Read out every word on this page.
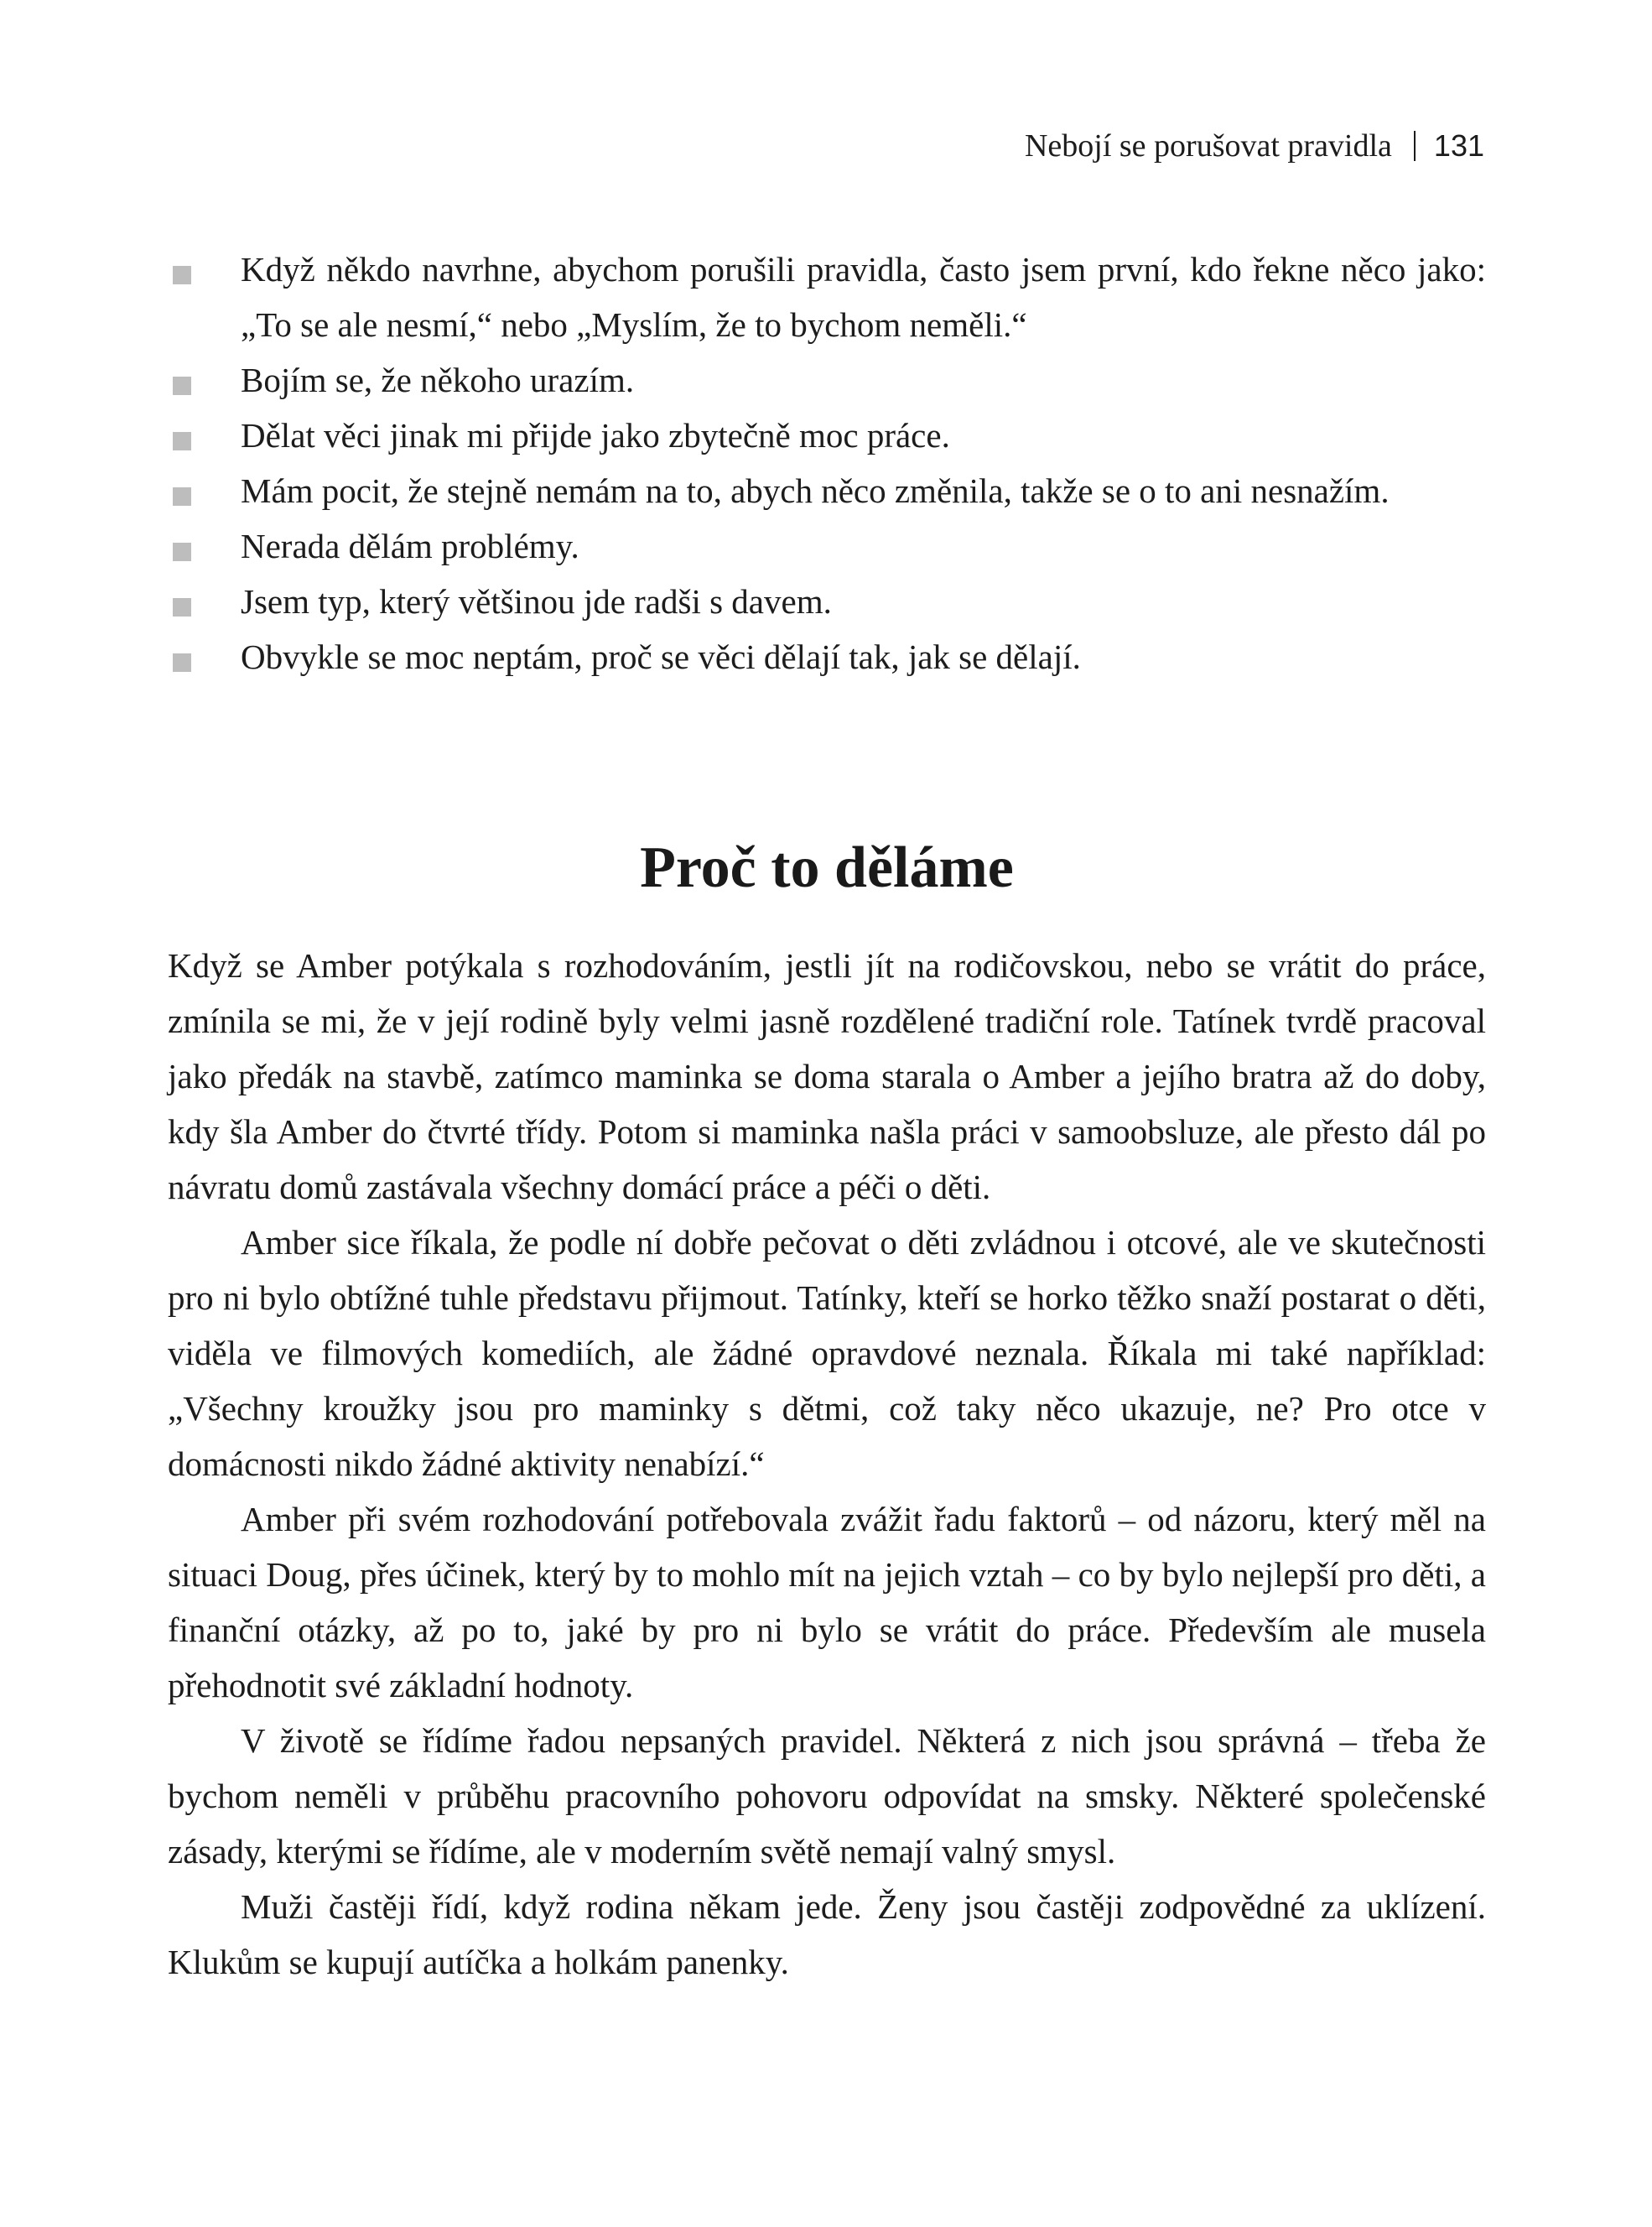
Nebojí se porušovat pravidla 131
Když někdo navrhne, abychom porušili pravidla, často jsem první, kdo řekne něco jako: „To se ale nesmí,“ nebo „Myslím, že to bychom neměli.“
Bojím se, že někoho urazím.
Dělat věci jinak mi přijde jako zbytečně moc práce.
Mám pocit, že stejně nemám na to, abych něco změnila, takže se o to ani nesnažím.
Nerada dělám problémy.
Jsem typ, který většinou jde radši s davem.
Obvykle se moc neptám, proč se věci dělají tak, jak se dělají.
Proč to děláme

Když se Amber potýkala s rozhodováním, jestli jít na rodičovskou, nebo se vrátit do práce, zmínila se mi, že v její rodině byly velmi jasně rozdělené tradiční role. Tatínek tvrdě pracoval jako předák na stavbě, zatímco maminka se doma starala o Amber a jejího bratra až do doby, kdy šla Amber do čtvrté třídy. Potom si maminka našla práci v samoobsluze, ale přesto dál po návratu domů zastávala všechny domácí práce a péči o děti.

Amber sice říkala, že podle ní dobře pečovat o děti zvládnou i otcové, ale ve skutečnosti pro ni bylo obtížné tuhle představu přijmout. Tatínky, kteří se horko těžko snaží postarat o děti, viděla ve filmových komediích, ale žádné opravdové neznala. Říkala mi také například: „Všechny kroužky jsou pro maminky s dětmi, což taky něco ukazuje, ne? Pro otce v domácnosti nikdo žádné aktivity nenabízí.“

Amber při svém rozhodování potřebovala zvážit řadu faktorů – od názoru, který měl na situaci Doug, přes účinek, který by to mohlo mít na jejich vztah – co by bylo nejlepší pro děti, a finanční otázky, až po to, jaké by pro ni bylo se vrátit do práce. Především ale musela přehodnotit své základní hodnoty.

V životě se řídíme řadou nepsaných pravidel. Některá z nich jsou správná – třeba že bychom neměli v průběhu pracovního pohovoru odpovídat na smsky. Některé společenské zásady, kterými se řídíme, ale v moderním světě nemají valný smysl.

Muži častěji řídí, když rodina někam jede. Ženy jsou častěji zodpovědné za uklízení. Klukům se kupují autíčka a holkám panenky.
